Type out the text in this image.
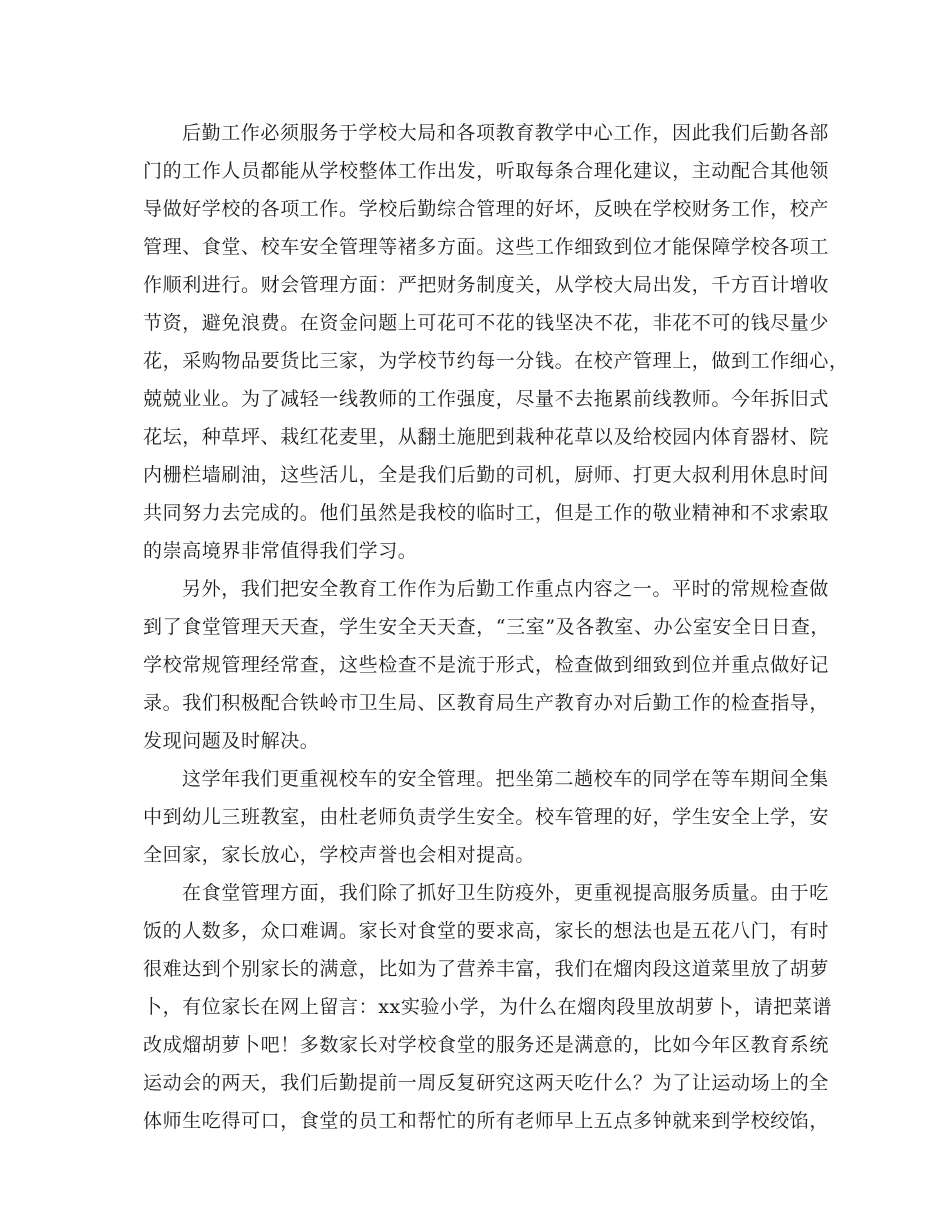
后勤工作必须服务于学校大局和各项教育教学中心工作，因此我们后勤各部
门的工作人员都能从学校整体工作出发，听取每条合理化建议，主动配合其他领
导做好学校的各项工作。学校后勤综合管理的好坏，反映在学校财务工作，校产
管理、食堂、校车安全管理等褚多方面。这些工作细致到位才能保障学校各项工
作顺利进行。财会管理方面：严把财务制度关，从学校大局出发，千方百计增收
节资，避免浪费。在资金问题上可花可不花的钱坚决不花，非花不可的钱尽量少
花，采购物品要货比三家，为学校节约每一分钱。在校产管理上，做到工作细心，
兢兢业业。为了减轻一线教师的工作强度，尽量不去拖累前线教师。今年拆旧式
花坛，种草坪、栽红花麦里，从翻土施肥到栽种花草以及给校园内体育器材、院
内栅栏墙刷油，这些活儿，全是我们后勤的司机，厨师、打更大叔利用休息时间
共同努力去完成的。他们虽然是我校的临时工，但是工作的敬业精神和不求索取
的崇高境界非常值得我们学习。
另外，我们把安全教育工作作为后勤工作重点内容之一。平时的常规检查做
到了食堂管理天天查，学生安全天天查，“三室”及各教室、办公室安全日日查，
学校常规管理经常查，这些检查不是流于形式，检查做到细致到位并重点做好记
录。我们积极配合铁岭市卫生局、区教育局生产教育办对后勤工作的检查指导，
发现问题及时解决。
这学年我们更重视校车的安全管理。把坐第二趟校车的同学在等车期间全集
中到幼儿三班教室，由杜老师负责学生安全。校车管理的好，学生安全上学，安
全回家，家长放心，学校声誉也会相对提高。
在食堂管理方面，我们除了抓好卫生防疫外，更重视提高服务质量。由于吃
饭的人数多，众口难调。家长对食堂的要求高，家长的想法也是五花八门，有时
很难达到个别家长的满意，比如为了营养丰富，我们在熘肉段这道菜里放了胡萝
卜，有位家长在网上留言：xx实验小学，为什么在熘肉段里放胡萝卜，请把菜谱
改成熘胡萝卜吧！多数家长对学校食堂的服务还是满意的，比如今年区教育系统
运动会的两天，我们后勤提前一周反复研究这两天吃什么？为了让运动场上的全
体师生吃得可口，食堂的员工和帮忙的所有老师早上五点多钟就来到学校绞馅，
